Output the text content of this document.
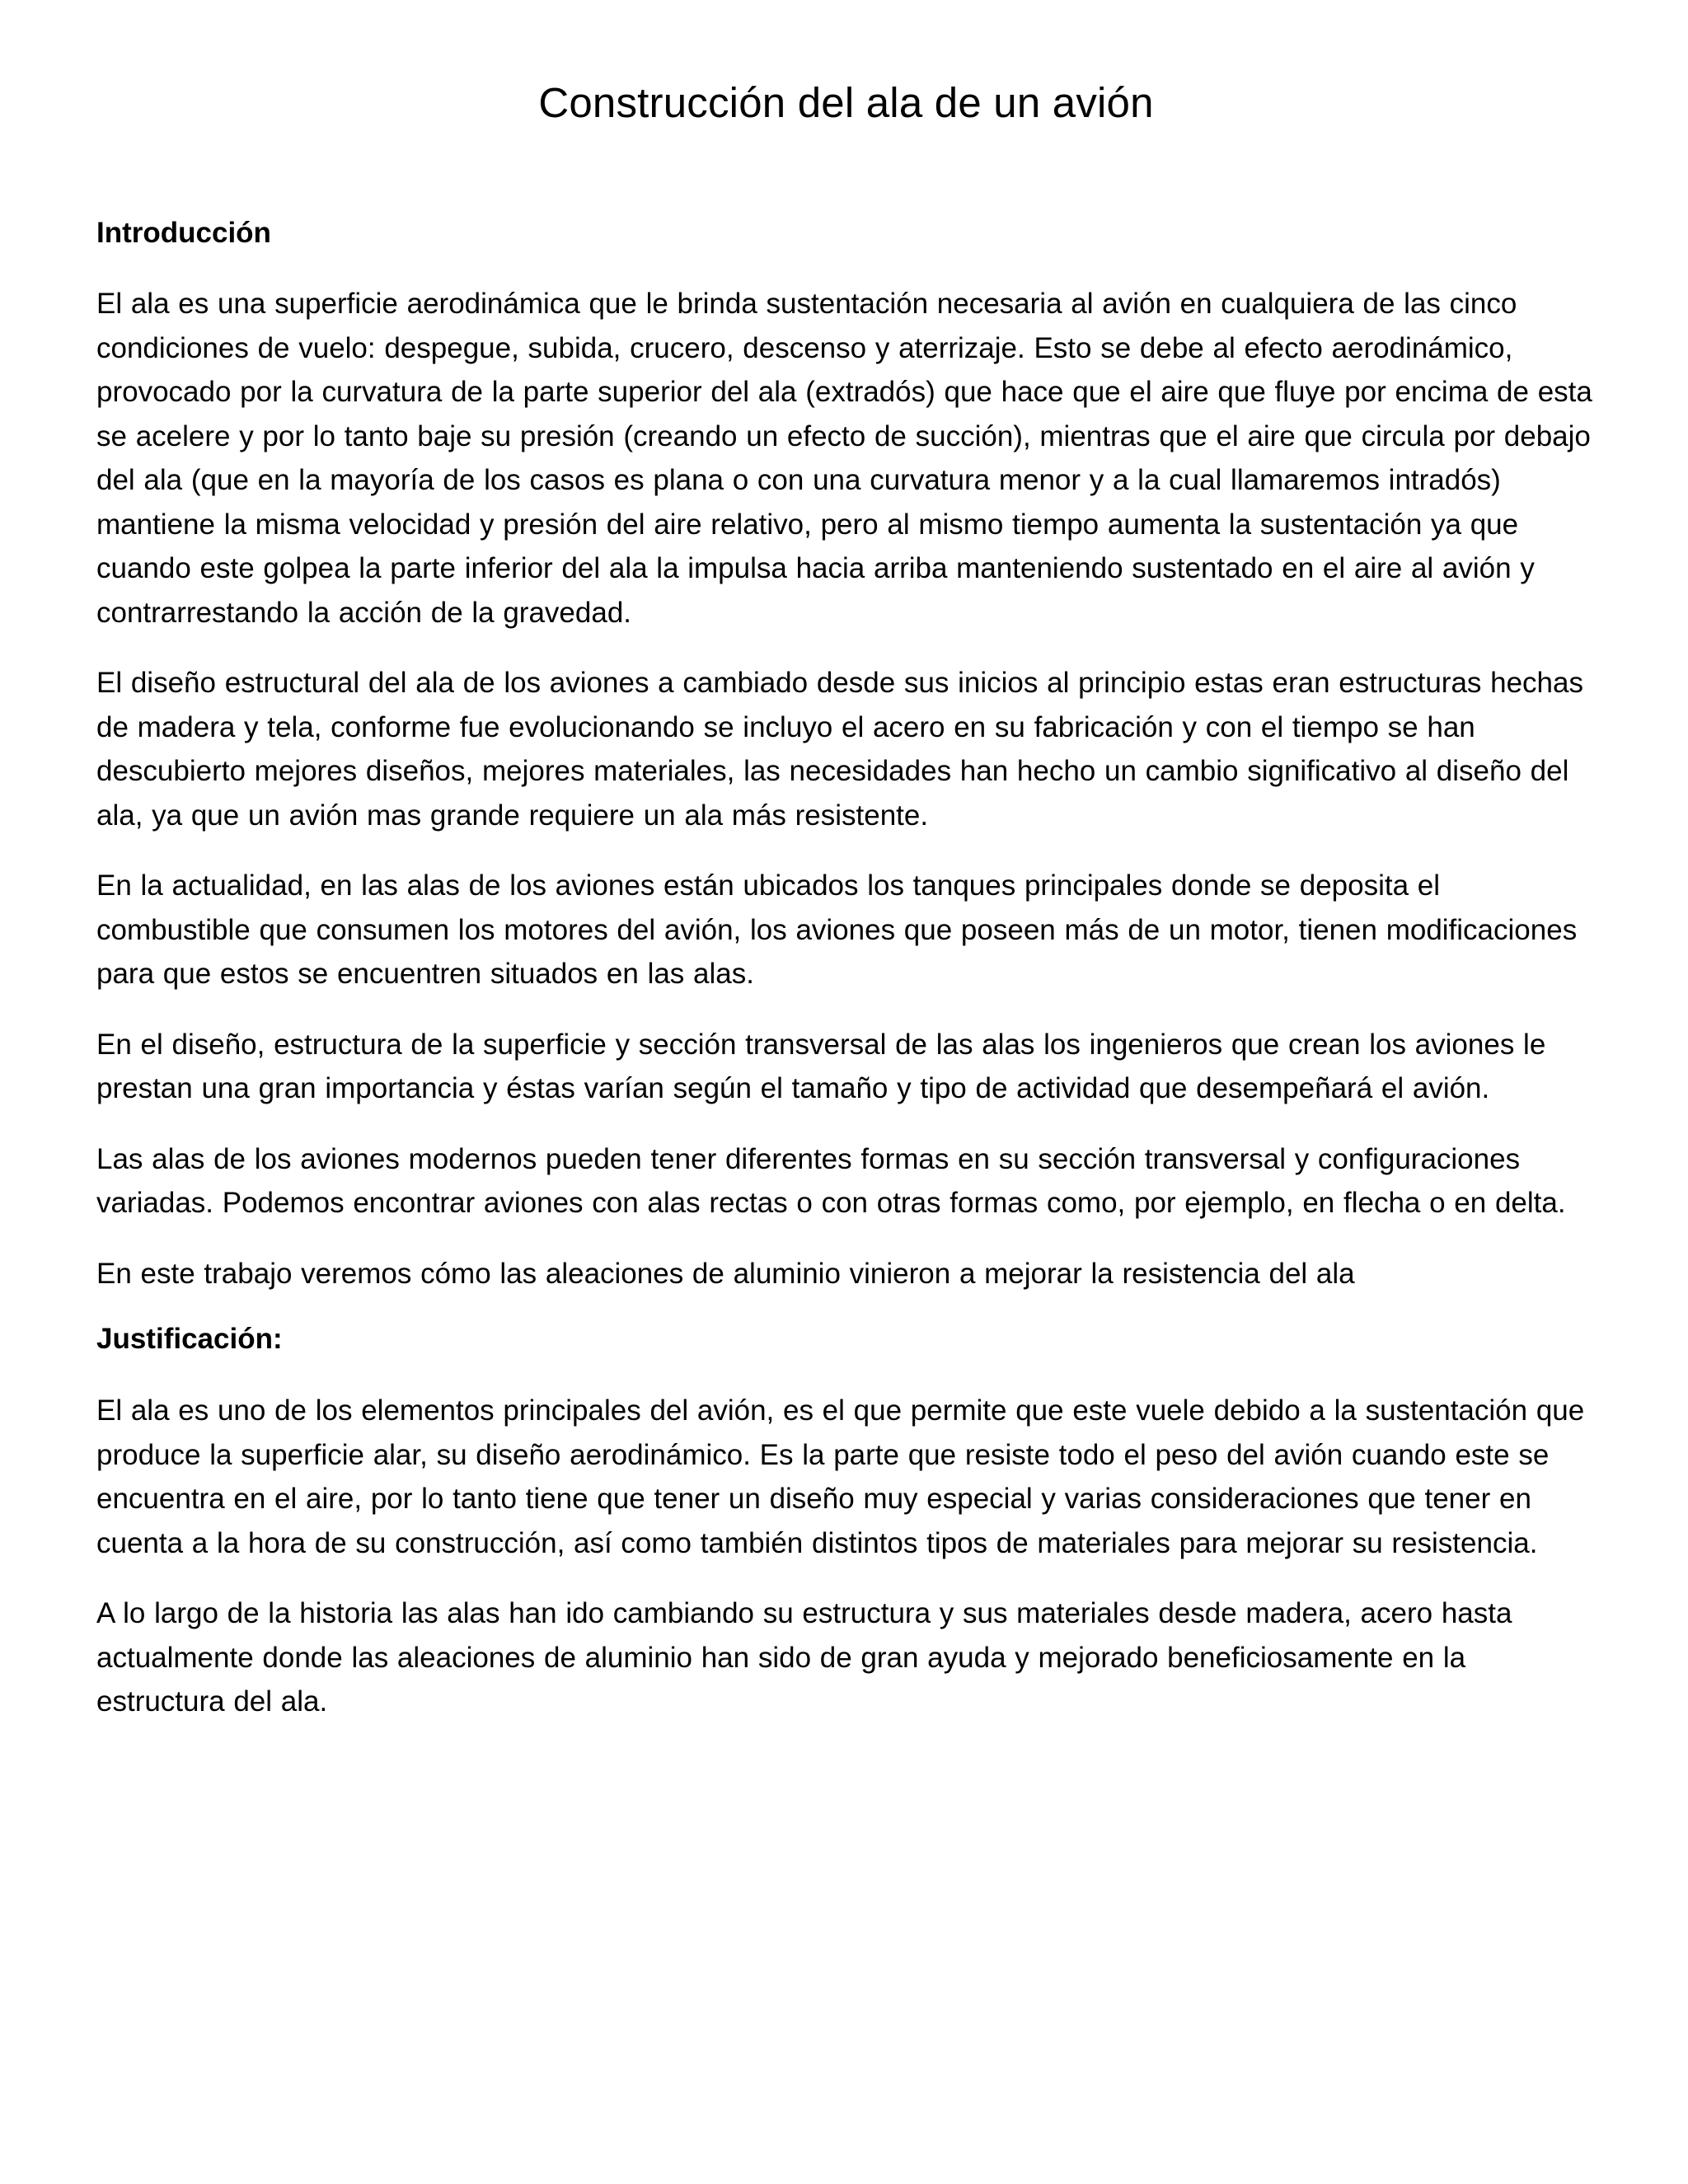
Construcción del ala de un avión
Introducción

El ala es una superficie aerodinámica que le brinda sustentación necesaria al avión en cualquiera de las cinco condiciones de vuelo: despegue, subida, crucero, descenso y aterrizaje. Esto se debe al efecto aerodinámico, provocado por la curvatura de la parte superior del ala (extradós) que hace que el aire que fluye por encima de esta se acelere y por lo tanto baje su presión (creando un efecto de succión), mientras que el aire que circula por debajo del ala (que en la mayoría de los casos es plana o con una curvatura menor y a la cual llamaremos intradós) mantiene la misma velocidad y presión del aire relativo, pero al mismo tiempo aumenta la sustentación ya que cuando este golpea la parte inferior del ala la impulsa hacia arriba manteniendo sustentado en el aire al avión y contrarrestando la acción de la gravedad.

El diseño estructural del ala de los aviones a cambiado desde sus inicios al principio estas eran estructuras hechas de madera y tela, conforme fue evolucionando se incluyo el acero en su fabricación y con el tiempo se han descubierto mejores diseños, mejores materiales, las necesidades han hecho un cambio significativo al diseño del ala, ya que un avión mas grande requiere un ala más resistente.

En la actualidad, en las alas de los aviones están ubicados los tanques principales donde se deposita el combustible que consumen los motores del avión, los aviones que poseen más de un motor, tienen modificaciones para que estos se encuentren situados en las alas.

En el diseño, estructura de la superficie y sección transversal de las alas los ingenieros que crean los aviones le prestan una gran importancia y éstas varían según el tamaño y tipo de actividad que desempeñará el avión.

Las alas de los aviones modernos pueden tener diferentes formas en su sección transversal y configuraciones variadas. Podemos encontrar aviones con alas rectas o con otras formas como, por ejemplo, en flecha o en delta.

En este trabajo veremos cómo las aleaciones de aluminio vinieron a mejorar la resistencia del ala

Justificación:

El ala es uno de los elementos principales del avión, es el que permite que este vuele debido a la sustentación que produce la superficie alar, su diseño aerodinámico. Es la parte que resiste todo el peso del avión cuando este se encuentra en el aire, por lo tanto tiene que tener un diseño muy especial y varias consideraciones que tener en cuenta a la hora de su construcción, así como también distintos tipos de materiales para mejorar su resistencia.

A lo largo de la historia las alas han ido cambiando su estructura y sus materiales desde madera, acero hasta actualmente donde las aleaciones de aluminio han sido de gran ayuda y mejorado beneficiosamente en la estructura del ala.
